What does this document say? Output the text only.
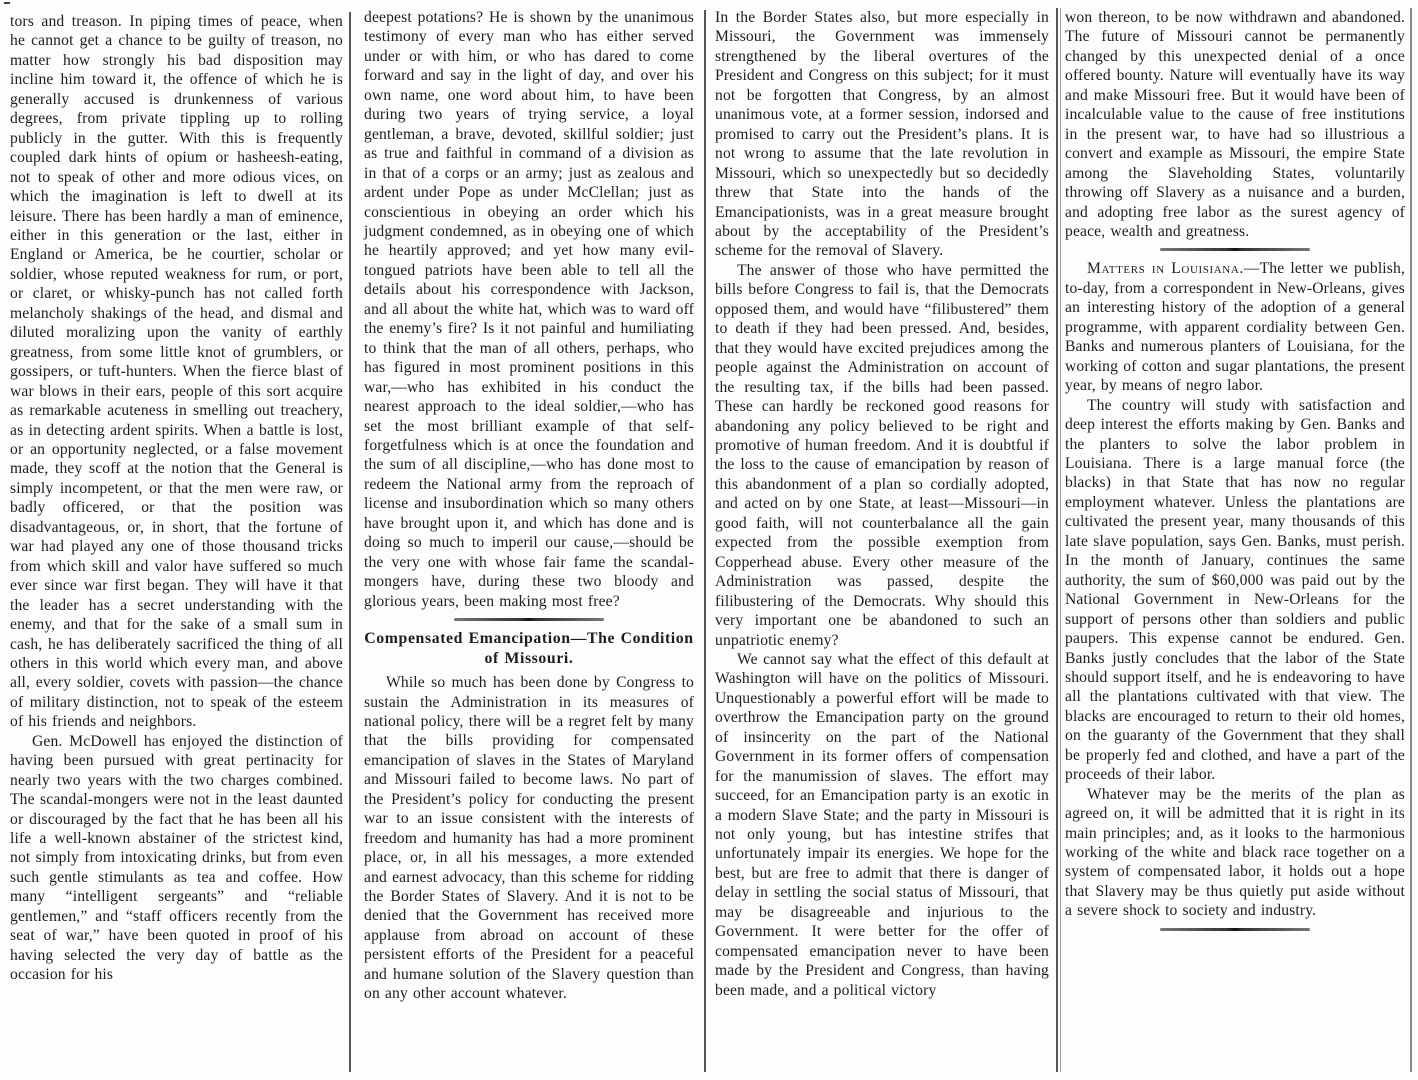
tors and treason. In piping times of peace, when he cannot get a chance to be guilty of treason, no matter how strongly his bad disposition may incline him toward it, the offence of which he is generally accused is drunkenness of various degrees, from private tippling up to rolling publicly in the gutter. With this is frequently coupled dark hints of opium or hasheesh-eating, not to speak of other and more odious vices, on which the imagination is left to dwell at its leisure. There has been hardly a man of eminence, either in this generation or the last, either in England or America, be he courtier, scholar or soldier, whose reputed weakness for rum, or port, or claret, or whisky-punch has not called forth melancholy shakings of the head, and dismal and diluted moralizing upon the vanity of earthly greatness, from some little knot of grumblers, or gossipers, or tuft-hunters. When the fierce blast of war blows in their ears, people of this sort acquire as remarkable acuteness in smelling out treachery, as in detecting ardent spirits. When a battle is lost, or an opportunity neglected, or a false movement made, they scoff at the notion that the General is simply incompetent, or that the men were raw, or badly officered, or that the position was disadvantageous, or, in short, that the fortune of war had played any one of those thousand tricks from which skill and valor have suffered so much ever since war first began. They will have it that the leader has a secret understanding with the enemy, and that for the sake of a small sum in cash, he has deliberately sacrificed the thing of all others in this world which every man, and above all, every soldier, covets with passion—the chance of military distinction, not to speak of the esteem of his friends and neighbors.

Gen. McDowell has enjoyed the distinction of having been pursued with great pertinacity for nearly two years with the two charges combined. The scandal-mongers were not in the least daunted or discouraged by the fact that he has been all his life a well-known abstainer of the strictest kind, not simply from intoxicating drinks, but from even such gentle stimulants as tea and coffee. How many “intelligent sergeants” and “reliable gentlemen,” and “staff officers recently from the seat of war,” have been quoted in proof of his having selected the very day of battle as the occasion for his

deepest potations? He is shown by the unanimous testimony of every man who has either served under or with him, or who has dared to come forward and say in the light of day, and over his own name, one word about him, to have been during two years of trying service, a loyal gentleman, a brave, devoted, skillful soldier; just as true and faithful in command of a division as in that of a corps or an army; just as zealous and ardent under Pope as under McClellan; just as conscientious in obeying an order which his judgment condemned, as in obeying one of which he heartily approved; and yet how many evil-tongued patriots have been able to tell all the details about his correspondence with Jackson, and all about the white hat, which was to ward off the enemy’s fire? Is it not painful and humiliating to think that the man of all others, perhaps, who has figured in most prominent positions in this war,—who has exhibited in his conduct the nearest approach to the ideal soldier,—who has set the most brilliant example of that self-forgetfulness which is at once the foundation and the sum of all discipline,—who has done most to redeem the National army from the reproach of license and insubordination which so many others have brought upon it, and which has done and is doing so much to imperil our cause,—should be the very one with whose fair fame the scandal-mongers have, during these two bloody and glorious years, been making most free?

Compensated Emancipation—The Condition of Missouri.

While so much has been done by Congress to sustain the Administration in its measures of national policy, there will be a regret felt by many that the bills providing for compensated emancipation of slaves in the States of Maryland and Missouri failed to become laws. No part of the President’s policy for conducting the present war to an issue consistent with the interests of freedom and humanity has had a more prominent place, or, in all his messages, a more extended and earnest advocacy, than this scheme for ridding the Border States of Slavery. And it is not to be denied that the Government has received more applause from abroad on account of these persistent efforts of the President for a peaceful and humane solution of the Slavery question than on any other account whatever.

In the Border States also, but more especially in Missouri, the Government was immensely strengthened by the liberal overtures of the President and Congress on this subject; for it must not be forgotten that Congress, by an almost unanimous vote, at a former session, indorsed and promised to carry out the President’s plans. It is not wrong to assume that the late revolution in Missouri, which so unexpectedly but so decidedly threw that State into the hands of the Emancipationists, was in a great measure brought about by the acceptability of the President’s scheme for the removal of Slavery.

The answer of those who have permitted the bills before Congress to fail is, that the Democrats opposed them, and would have “filibustered” them to death if they had been pressed. And, besides, that they would have excited prejudices among the people against the Administration on account of the resulting tax, if the bills had been passed. These can hardly be reckoned good reasons for abandoning any policy believed to be right and promotive of human freedom. And it is doubtful if the loss to the cause of emancipation by reason of this abandonment of a plan so cordially adopted, and acted on by one State, at least—Missouri—in good faith, will not counterbalance all the gain expected from the possible exemption from Copperhead abuse. Every other measure of the Administration was passed, despite the filibustering of the Democrats. Why should this very important one be abandoned to such an unpatriotic enemy?

We cannot say what the effect of this default at Washington will have on the politics of Missouri. Unquestionably a powerful effort will be made to overthrow the Emancipation party on the ground of insincerity on the part of the National Government in its former offers of compensation for the manumission of slaves. The effort may succeed, for an Emancipation party is an exotic in a modern Slave State; and the party in Missouri is not only young, but has intestine strifes that unfortunately impair its energies. We hope for the best, but are free to admit that there is danger of delay in settling the social status of Missouri, that may be disagreeable and injurious to the Government. It were better for the offer of compensated emancipation never to have been made by the President and Congress, than having been made, and a political victory

won thereon, to be now withdrawn and abandoned. The future of Missouri cannot be permanently changed by this unexpected denial of a once offered bounty. Nature will eventually have its way and make Missouri free. But it would have been of incalculable value to the cause of free institutions in the present war, to have had so illustrious a convert and example as Missouri, the empire State among the Slaveholding States, voluntarily throwing off Slavery as a nuisance and a burden, and adopting free labor as the surest agency of peace, wealth and greatness.

Matters in Louisiana.—The letter we publish, to-day, from a correspondent in New-Orleans, gives an interesting history of the adoption of a general programme, with apparent cordiality between Gen. Banks and numerous planters of Louisiana, for the working of cotton and sugar plantations, the present year, by means of negro labor.

The country will study with satisfaction and deep interest the efforts making by Gen. Banks and the planters to solve the labor problem in Louisiana. There is a large manual force (the blacks) in that State that has now no regular employment whatever. Unless the plantations are cultivated the present year, many thousands of this late slave population, says Gen. Banks, must perish. In the month of January, continues the same authority, the sum of $60,000 was paid out by the National Government in New-Orleans for the support of persons other than soldiers and public paupers. This expense cannot be endured. Gen. Banks justly concludes that the labor of the State should support itself, and he is endeavoring to have all the plantations cultivated with that view. The blacks are encouraged to return to their old homes, on the guaranty of the Government that they shall be properly fed and clothed, and have a part of the proceeds of their labor.

Whatever may be the merits of the plan as agreed on, it will be admitted that it is right in its main principles; and, as it looks to the harmonious working of the white and black race together on a system of compensated labor, it holds out a hope that Slavery may be thus quietly put aside without a severe shock to society and industry.
